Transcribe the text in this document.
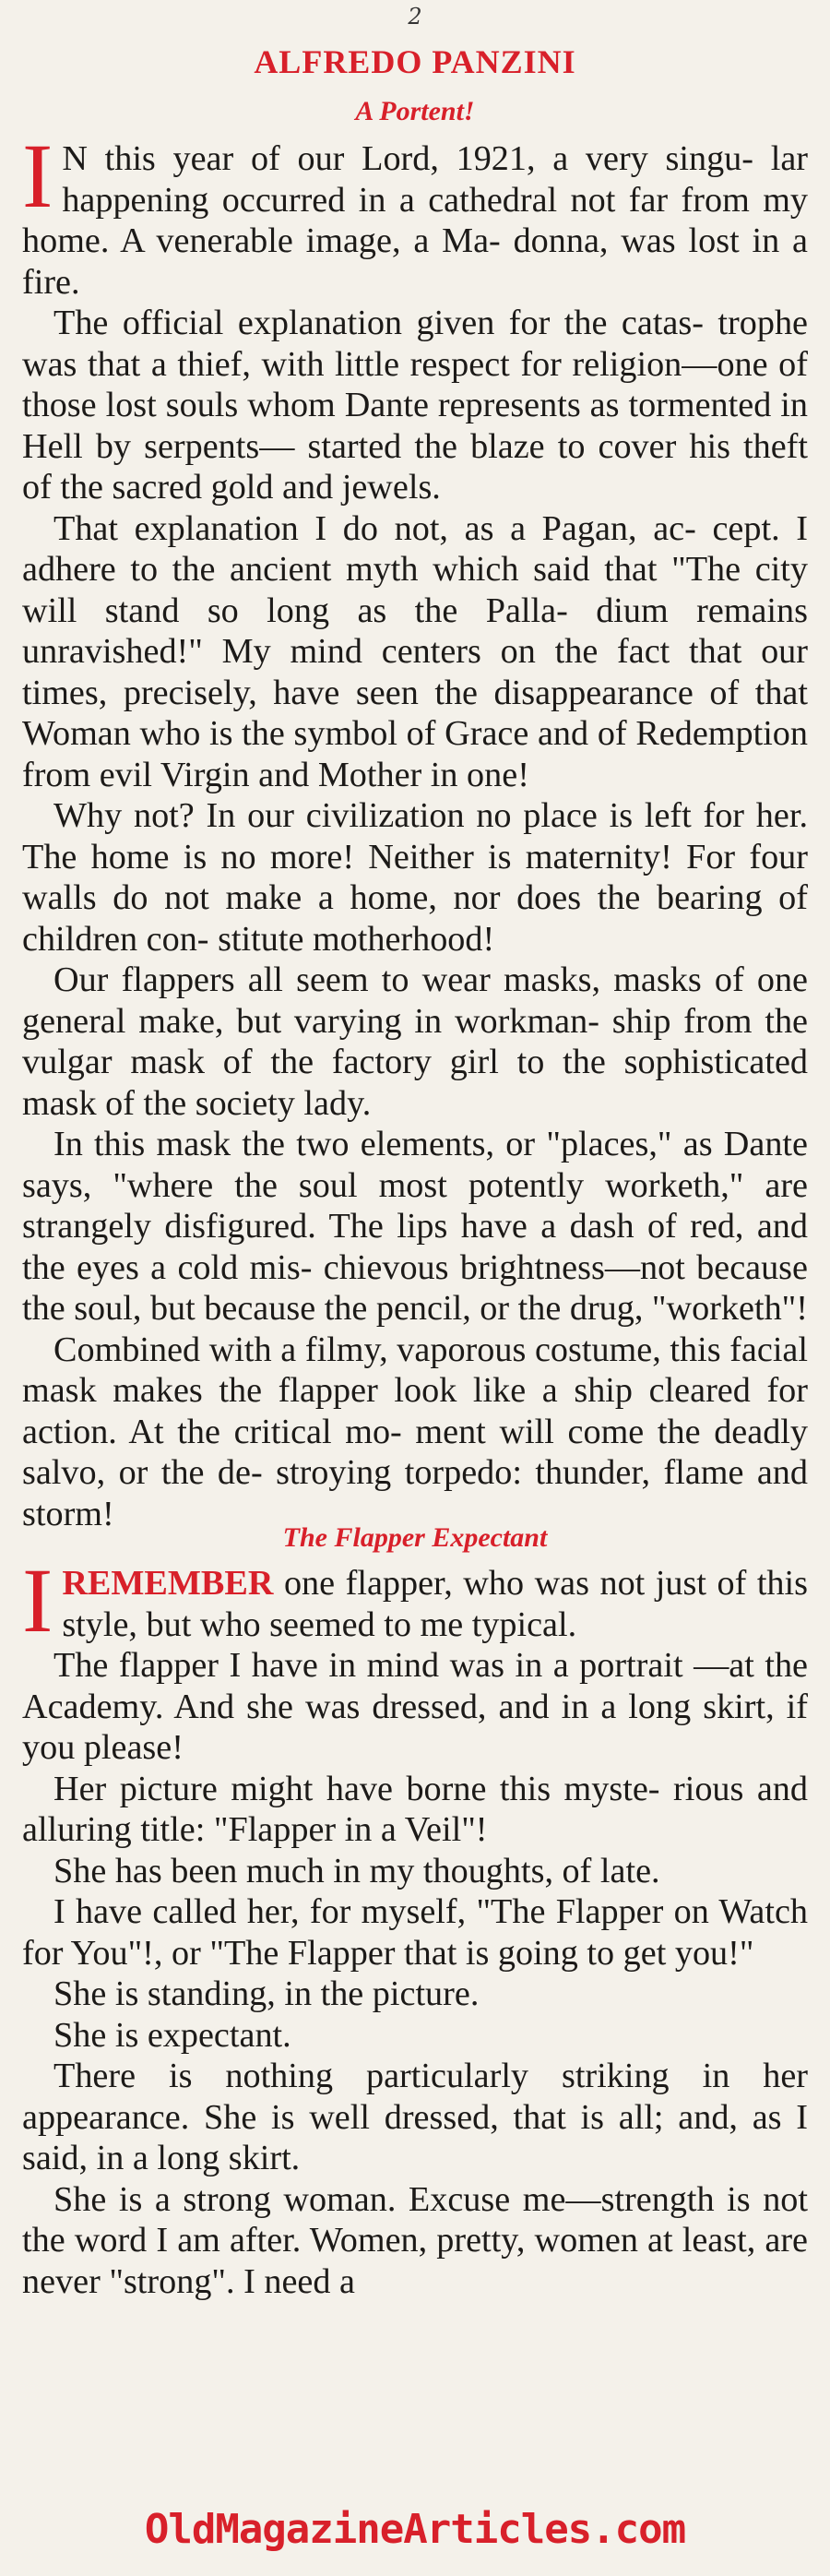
2
ALFREDO PANZINI
A Portent!

I N this year of our Lord, 1921, a very singu- lar happening occurred in a cathedral not far from my home. A venerable image, a Ma- donna, was lost in a fire.

The official explanation given for the catas- trophe was that a thief, with little respect for religion—one of those lost souls whom Dante represents as tormented in Hell by serpents— started the blaze to cover his theft of the sacred gold and jewels.

That explanation I do not, as a Pagan, ac- cept. I adhere to the ancient myth which said that "The city will stand so long as the Palla- dium remains unravished!" My mind centers on the fact that our times, precisely, have seen the disappearance of that Woman who is the symbol of Grace and of Redemption from evil Virgin and Mother in one!

Why not? In our civilization no place is left for her. The home is no more! Neither is maternity! For four walls do not make a home, nor does the bearing of children con- stitute motherhood!

Our flappers all seem to wear masks, masks of one general make, but varying in workman- ship from the vulgar mask of the factory girl to the sophisticated mask of the society lady.

In this mask the two elements, or "places," as Dante says, "where the soul most potently worketh," are strangely disfigured. The lips have a dash of red, and the eyes a cold mis- chievous brightness—not because the soul, but because the pencil, or the drug, "worketh"!

Combined with a filmy, vaporous costume, this facial mask makes the flapper look like a ship cleared for action. At the critical mo- ment will come the deadly salvo, or the de- stroying torpedo: thunder, flame and storm!

The Flapper Expectant

IREMEMBER one flapper, who was not just of this style, but who seemed to me typical.

The flapper I have in mind was in a portrait —at the Academy. And she was dressed, and in a long skirt, if you please!

Her picture might have borne this myste- rious and alluring title: "Flapper in a Veil"!

She has been much in my thoughts, of late.

I have called her, for myself, "The Flapper on Watch for You"!, or "The Flapper that is going to get you!"

She is standing, in the picture.

She is expectant.

There is nothing particularly striking in her appearance. She is well dressed, that is all; and, as I said, in a long skirt.

She is a strong woman. Excuse me—strength is not the word I am after. Women, pretty, women at least, are never "strong". I need a

OldMagazineArticles.com
